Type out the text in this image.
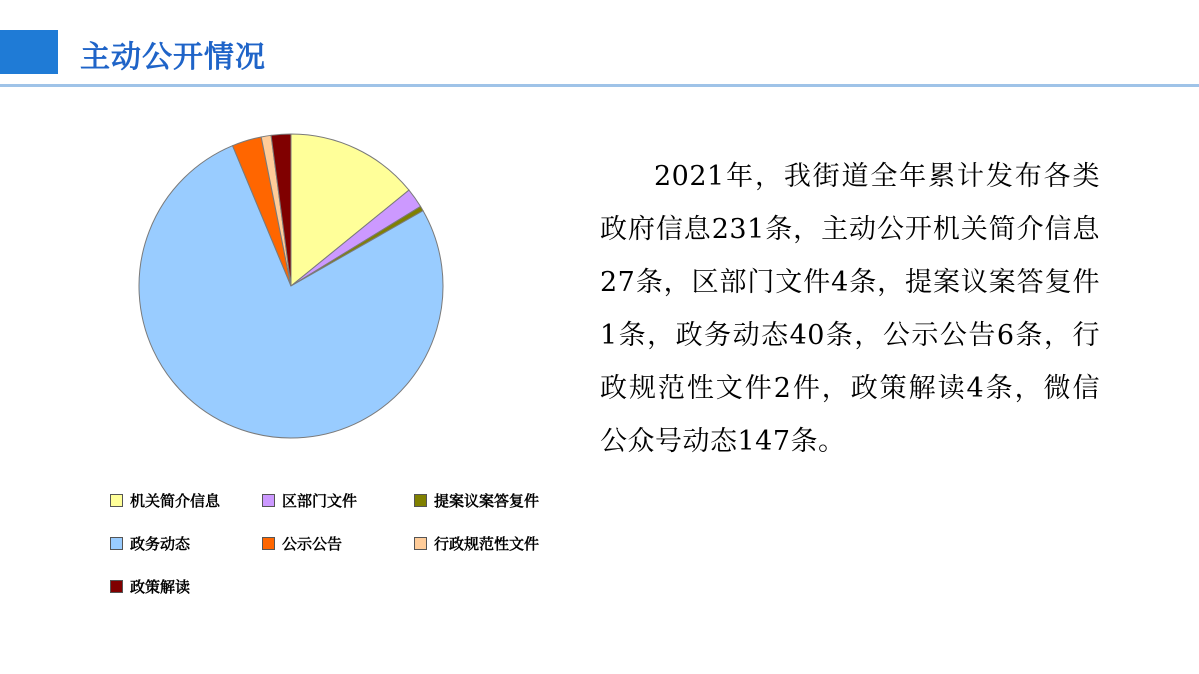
主动公开情况
机关简介信息	区部门文件	提案议案答复件
政务动态	公示公告	行政规范性文件
政策解读

2021年，我街道全年累计发布各类政府信息231条，主动公开机关简介信息27条，区部门文件4条，提案议案答复件1条，政务动态40条，公示公告6条，行政规范性文件2件，政策解读4条，微信公众号动态147条。
